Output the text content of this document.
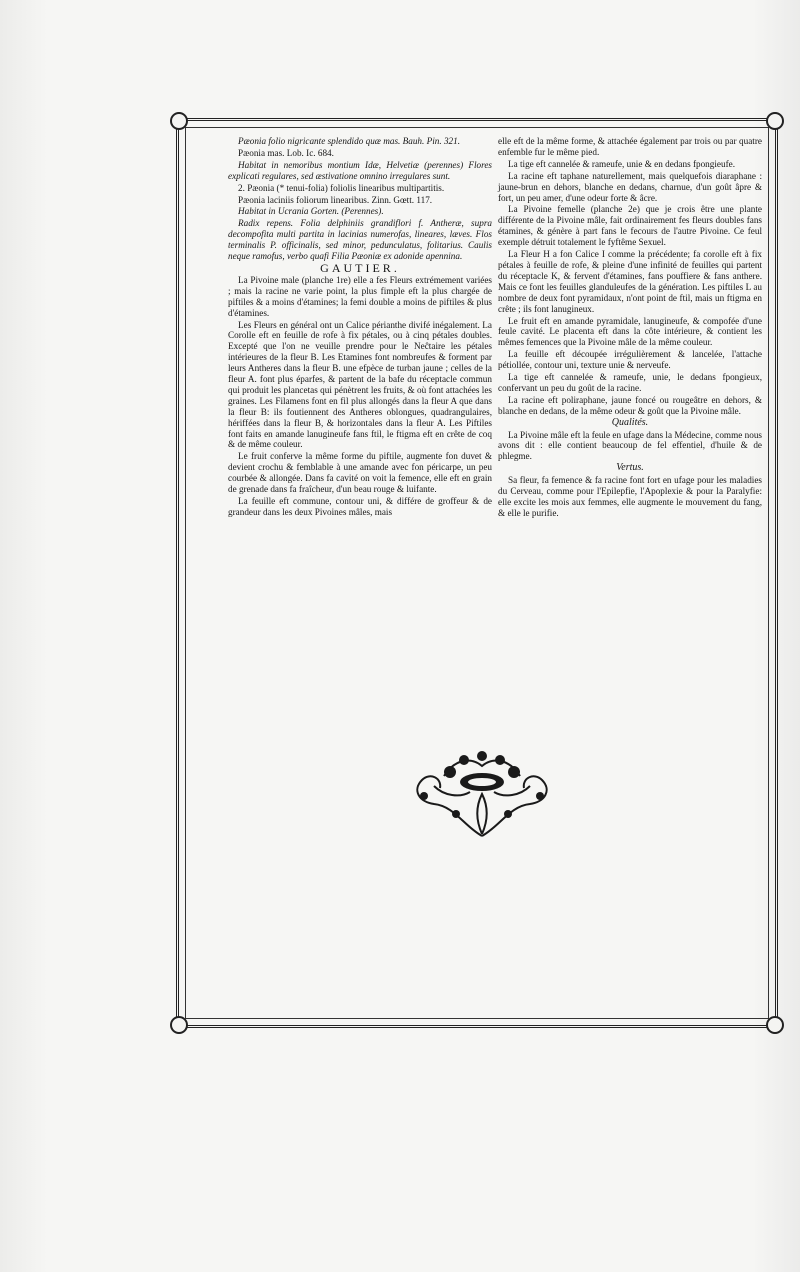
Pæonia folio nigricante splendido quæ mas. Bauh. Pin. 321.

Pæonia mas. Lob. Ic. 684.

Habitat in nemoribus montium Idæ, Helvetiæ (perennes) Flores explicati regulares, sed æstivatione omnino irregulares sunt.

2. Pæonia (* tenui-folia) foliolis linearibus multipartitis.

Pæonia laciniis foliorum linearibus. Zinn. Gœtt. 117.

Habitat in Ucrania Gorten. (Perennes).

Radix repens. Folia delphiniis grandiflori f. Antheræ, supra decompofita multi partita in lacinias numerofas, lineares, læves. Flos terminalis P. officinalis, sed minor, pedunculatus, folitarius. Caulis neque ramofus, verbo quafi Filia Pæoniæ ex adonide apennina.

GAUTIER.

La Pivoine male (planche 1re) elle a fes Fleurs extrémement variées ; mais la racine ne varie point, la plus fimple eft la plus chargée de piftiles & a moins d'étamines; la femi double a moins de piftiles & plus d'étamines.

Les Fleurs en général ont un Calice périanthe divifé inégalement. La Corolle eft en feuille de rofe à fix pétales, ou à cinq pétales doubles. Excepté que l'on ne veuille prendre pour le Neĉtaire les pétales intérieures de la fleur B. Les Etamines font nombreufes & forment par leurs Antheres dans la fleur B. une efpèce de turban jaune ; celles de la fleur A. font plus éparfes, & partent de la bafe du réceptacle commun qui produit les plancetas qui pénètrent les fruits, & où font attachées les graines. Les Filamens font en fil plus allongés dans la fleur A que dans la fleur B: ils foutiennent des Antheres oblongues, quadrangulaires, hériffées dans la fleur B, & horizontales dans la fleur A. Les Piftiles font faits en amande lanugineufe fans ftil, le ftigma eft en crête de coq & de même couleur.

Le fruit conferve la même forme du piftile, augmente fon duvet & devient crochu & femblable à une amande avec fon péricarpe, un peu courbée & allongée. Dans fa cavité on voit la femence, elle eft en grain de grenade dans fa fraîcheur, d'un beau rouge & luifante.

La feuille eft commune, contour uni, & différe de groffeur & de grandeur dans les deux Pivoines mâles, mais

elle eft de la même forme, & attachée également par trois ou par quatre enfemble fur le même pied.

La tige eft cannelée & rameufe, unie & en dedans fpongieufe.

La racine eft taphane naturellement, mais quelquefois diaraphane : jaune-brun en dehors, blanche en dedans, charnue, d'un goût âpre & fort, un peu amer, d'une odeur forte & âcre.

La Pivoine femelle (planche 2e) que je crois être une plante différente de la Pivoine mâle, fait ordinairement fes fleurs doubles fans étamines, & génère à part fans le fecours de l'autre Pivoine. Ce feul exemple détruit totalement le fyftême Sexuel.

La Fleur H a fon Calice I comme la précédente; fa corolle eft à fix pétales à feuille de rofe, & pleine d'une infinité de feuilles qui partent du réceptacle K, & fervent d'étamines, fans pouffiere & fans anthere. Mais ce font les feuilles glanduleufes de la génération. Les piftiles L au nombre de deux font pyramidaux, n'ont point de ftil, mais un ftigma en crête ; ils font lanugineux.

Le fruit eft en amande pyramidale, lanugineufe, & compofée d'une feule cavité. Le placenta eft dans la côte intérieure, & contient les mêmes femences que la Pivoine mâle de la même couleur.

La feuille eft découpée irrégulièrement & lancelée, l'attache pétiollée, contour uni, texture unie & nerveufe.

La tige eft cannelée & rameufe, unie, le dedans fpongieux, confervant un peu du goût de la racine.

La racine eft poliraphane, jaune foncé ou rougeâtre en dehors, & blanche en dedans, de la même odeur & goût que la Pivoine mâle.

Qualités.

La Pivoine mâle eft la feule en ufage dans la Médecine, comme nous avons dit : elle contient beaucoup de fel effentiel, d'huile & de phlegme.

Vertus.

Sa fleur, fa femence & fa racine font fort en ufage pour les maladies du Cerveau, comme pour l'Epilepfie, l'Apoplexie & pour la Paralyfie: elle excite les mois aux femmes, elle augmente le mouvement du fang, & elle le purifie.
